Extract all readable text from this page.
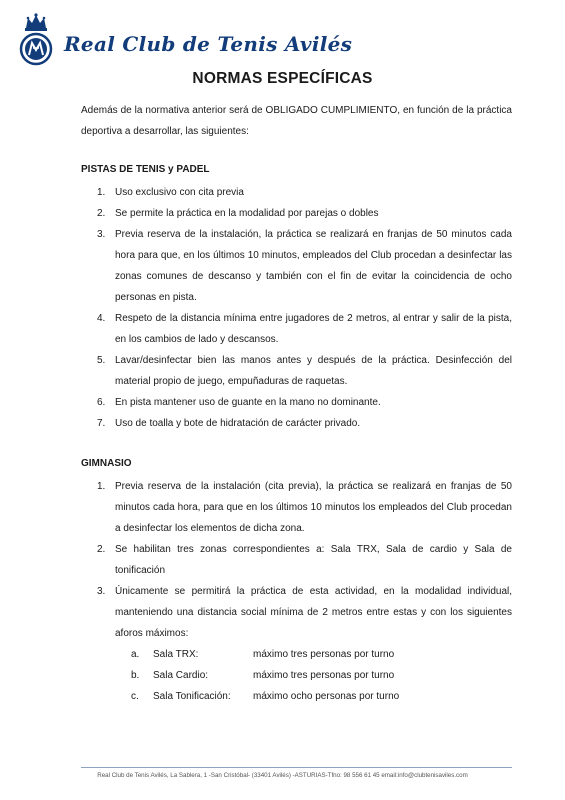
Real Club de Tenis Avilés
NORMAS ESPECÍFICAS
Además de la normativa anterior será de OBLIGADO CUMPLIMIENTO, en función de la práctica deportiva a desarrollar, las siguientes:
PISTAS DE TENIS y PADEL
1. Uso exclusivo con cita previa
2. Se permite la práctica en la modalidad por parejas o dobles
3. Previa reserva de la instalación, la práctica se realizará en franjas de 50 minutos cada hora para que, en los últimos 10 minutos, empleados del Club procedan a desinfectar las zonas comunes de descanso y también con el fin de evitar la coincidencia de ocho personas en pista.
4. Respeto de la distancia mínima entre jugadores de 2 metros, al entrar y salir de la pista, en los cambios de lado y descansos.
5. Lavar/desinfectar bien las manos antes y después de la práctica. Desinfección del material propio de juego, empuñaduras de raquetas.
6. En pista mantener uso de guante en la mano no dominante.
7. Uso de toalla y bote de hidratación de carácter privado.
GIMNASIO
1. Previa reserva de la instalación (cita previa), la práctica se realizará en franjas de 50 minutos cada hora, para que en los últimos 10 minutos los empleados del Club procedan a desinfectar los elementos de dicha zona.
2. Se habilitan tres zonas correspondientes a: Sala TRX, Sala de cardio y Sala de tonificación
3. Únicamente se permitirá la práctica de esta actividad, en la modalidad individual, manteniendo una distancia social mínima de 2 metros entre estas y con los siguientes aforos máximos:
a. Sala TRX:	máximo tres personas por turno
b. Sala Cardio:	máximo tres personas por turno
c. Sala Tonificación:	máximo ocho personas por turno
Real Club de Tenis Avilés, La Sablera, 1 -San Cristóbal- (33401 Avilés) -ASTURIAS-Tfno: 98 556 61 45 email:info@clubtenisaviles.com
